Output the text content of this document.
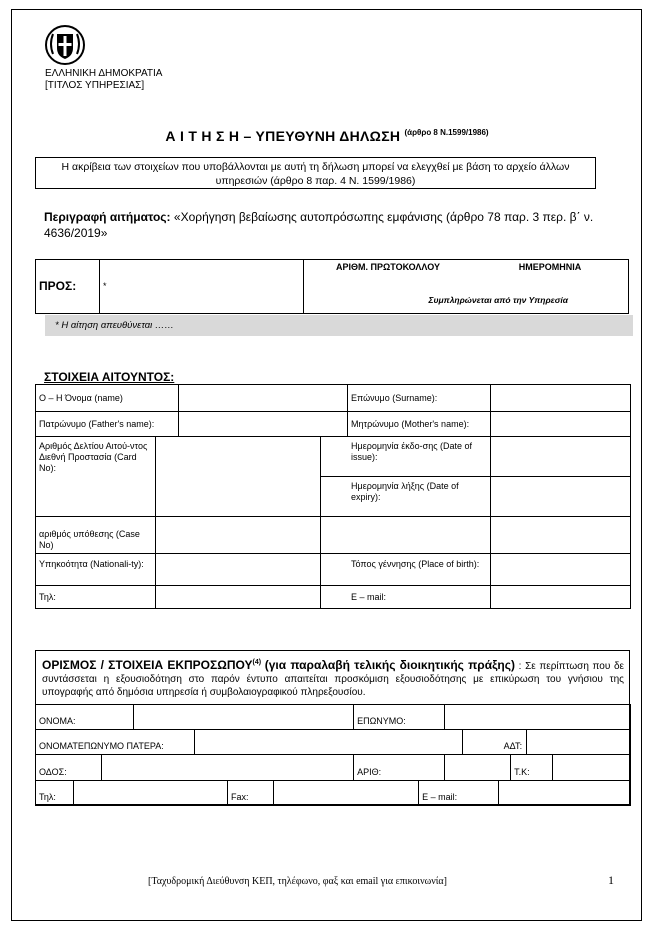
ΕΛΛΗΝΙΚΗ ΔΗΜΟΚΡΑΤΙΑ
[ΤΙΤΛΟΣ ΥΠΗΡΕΣΙΑΣ]
Α Ι Τ Η Σ Η – ΥΠΕΥΘΥΝΗ ΔΗΛΩΣΗ $^{(ά\rho\theta\rho o 8 N.1599/1986)}$
Η ακρίβεια των στοιχείων που υποβάλλονται με αυτή τη δήλωση μπορεί να ελεγχθεί με βάση το αρχείο άλλων υπηρεσιών (άρθρο 8 παρ. 4 Ν. 1599/1986)
Περιγραφή αιτήματος: «Χορήγηση βεβαίωσης αυτοπρόσωπης εμφάνισης (άρθρο 78 παρ. 3 περ. β΄ ν. 4636/2019»
ΠΡΟΣ:	*	
ΑΡΙΘΜ. ΠΡΩΤΟΚΟΛΛΟΥ	ΗΜΕΡΟΜΗΝΙΑ
Συμπληρώνεται από την Υπηρεσία
* Η αίτηση απευθύνεται ……
ΣΤΟΙΧΕΙΑ ΑΙΤΟΥΝΤΟΣ:
Ο – Η Όνομα (name)				Επώνυμο (Surname):	
Πατρώνυμο (Father's name):				Μητρώνυμο (Mother's name):	
Αριθμός Δελτίου Αιτού-ντος Διεθνή Προστασία (Card No):			Ημερομηνία έκδο-σης (Date of issue):		
			Ημερομηνία λήξης (Date of expiry):		
αριθμός υπόθεσης (Case No)					
Υπηκοότητα (Nationali-ty):			Τόπος γέννησης (Place of birth):		
Τηλ:			E – mail:		
ΟΡΙΣΜΟΣ / ΣΤΟΙΧΕΙΑ ΕΚΠΡΟΣΩΠΟΥ$^{(4)}$ (για παραλαβή τελικής διοικητικής πράξης) : Σε περίπτωση που δε συντάσσεται η εξουσιοδότηση στο παρόν έντυπο απαιτείται προσκόμιση εξουσιοδότησης με επικύρωση του γνήσιου της υπογραφής από δημόσια υπηρεσία ή συμβολαιογραφικού πληρεξουσίου.
ΟΝΟΜΑ:							ΕΠΩΝΥΜΟ:							
ΟΝΟΜΑΤΕΠΩΝΥΜΟ ΠΑΤΕΡΑ:										ΑΔΤ:				
ΟΔΟΣ:							ΑΡΙΘ:					Τ.Κ:		
Τηλ:					Fax:			E – mail:						
[Ταχυδρομική Διεύθυνση ΚΕΠ, τηλέφωνο, φαξ και email για επικοινωνία]	1
